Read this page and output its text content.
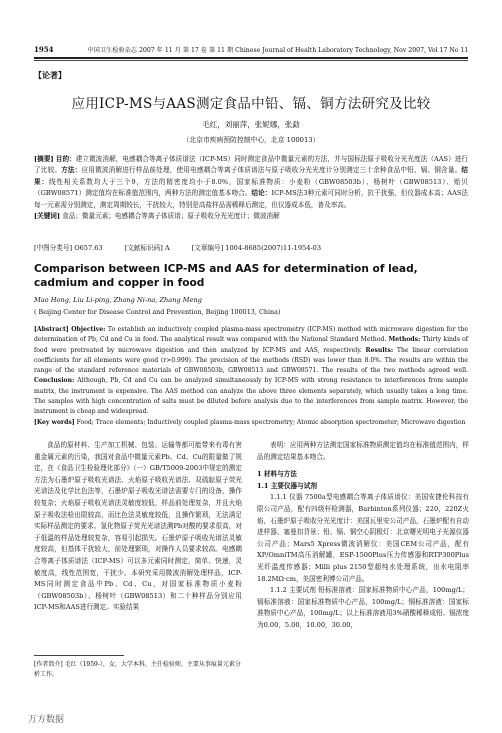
1954	中国卫生检验杂志 2007 年 11 月 第 17 卷 第 11 期 Chinese Journal of Health Laboratory Technology, Nov 2007, Vol 17 No 11
【论著】
应用ICP-MS与AAS测定食品中铅、镉、铜方法研究及比较
毛红，刘丽萍，张妮娜，张勐
（北京市疾病预防控制中心，北京 100013）
[摘要] 目的：建立微波消解，电感耦合等离子体质谱法（ICP-MS）同时测定食品中微量元素的方法，并与国标法原子吸收分光光度法（AAS）进行了比较。方法：应用微波消解进行样品前处理，使用电感耦合等离子体质谱法与原子吸收分光光度计分别测定三十余种食品中铅、镉、铜含量。结果：线性相关系数均大于三个9，方法的精密度均小于8.0%，国家标准物质：小麦粉（GBW08503b）、杨树叶（GBW08513）、贻贝（GBW08571）测定值均在标准值范围内，两种方法的测定值基本吻合。结论：ICP-MS法3种元素可同时分析，抗干扰强，但仪器成本高；AAS法每一元素需分别测定，测定周期较长，干扰较大，特别是高盐样品需稀释后测定，但仪器成本低，普及率高。
[关键词] 食品；微量元素；电感耦合等离子体质谱；原子吸收分光光度计；微波消解
[中图分类号] O657.63	[文献标识码] A	[文章编号] 1004-8685(2007)11-1954-03
Comparison between ICP-MS and AAS for determination of lead, cadmium and copper in food
Mao Hong, Liu Li-ping, Zhang Ni-na, Zhang Meng
( Beijing Center for Disease Control and Prevention, Beijing 100013, China)
[Abstract] Objective: To establish an inductively coupled plasma-mass spectrometry (ICP-MS) method with microwave digestion for the determination of Pb, Cd and Cu in food. The analytical result was compared with the National Standard Method. Methods: Thirty kinds of food were pretreated by microwave digestion and then analyzed by ICP-MS and AAS, respectively. Results: The linear correlation coefficients for all elements were good (r>0.999). The precision of the methods (RSD) was lower than 8.0%. The results are within the range of the standard reference materials of GBW08503b, GBW08513 and GBW08571. The results of the two methods agreed well. Conclusion: Although, Pb, Cd and Cu can be analyzed simultaneously by ICP-MS with strong resistance to interferences from sample matrix, the instrument is expensive. The AAS method can analyze the above three elements separately, which usually takes a long time. The samples with high concentration of salts must be diluted before analysis due to the interferences from sample matrix. However, the instrument is cheap and widespread.
[Key words] Food; Trace elements; Inductively coupled plasma-mass spectrometry; Atomic absorption spectrometer; Microwave digestion

食品的原材料、生产加工机械、包装、运输等都可能带来有毒有害重金属元素的污染，我国对食品中微量元素Pb、Cd、Cu的限量做了规定，在《食品卫生检验理化部分》（一）GB/T5009-2003中规定的测定方法为石墨炉原子吸收光谱法、火焰原子吸收光谱法、双硫腙原子荧光光谱法及化学比色法等，石墨炉原子吸收光谱法需要专门的设备，操作较复杂；火焰原子吸收光谱法灵敏度较低，样品前处理复杂，并且火焰原子吸收法检出限较高，而比色法灵敏度较低，且操作繁琐，无法满足实际样品测定的要求。氢化物原子荧光光谱法测Pb对酸的要求很高，对于低温的样品处理较复杂，容易引起损失。石墨炉原子吸收光谱法灵敏度较高，但基体干扰较大，前处理繁琐，对操作人员要求较高。电感耦合等离子体质谱法（ICP-MS）可以多元素同时测定，简单、快速，灵敏度高，线性范围宽，干扰少。本研究采用微波消解处理样品，ICP-MS同时测定食品中Pb、Cd、Cu，对国家标准物质小麦粉（GBW08503b）、杨树叶（GBW08513）和二十种样品分别应用ICP-MS和AAS进行测定。实验结果

表明：应用两种方法测定国家标准物质测定值均在标准值范围内，样品的测定结果基本吻合。

1 材料与方法
1.1 主要仪器与试剂

1.1.1 仪器 7500a型电感耦合等离子体质谱仪：美国安捷伦科技有限公司产品，配有四级杆检测器，Barbinton系列仪器；220，220Z火焰，石墨炉原子吸收分光光度计：美国瓦里安公司产品，石墨炉配有自动进样器、塞曼扣背景；铅、镉、铜空心阴极灯：北京曙光明电子光源仪器公司产品；Mars5 Xpress微波消解仪：美国CEM公司产品，配有XP/OmniTM高压消解罐，ESP-1500Plus压力传感器和RTP300Plus光纤温度传感器；Milli plus 2150型超纯水处理系统，出水电阻率18.2MΩ·cm，美国密利博公司产品。

1.1.2 主要试剂 铅标准溶液：国家标准物质中心产品，100mg/L；镉标准溶液：国家标准物质中心产品，100mg/L；铜标准溶液：国家标准物质中心产品，100mg/L；以上标准溶液用3%硝酸稀释成铅、镉浓度为0.00，5.00，10.00，30.00，

[作者简介] 毛红（1959-），女，大学本科，主任检验师，主要从事痕量元素分析工作。
万方数据
